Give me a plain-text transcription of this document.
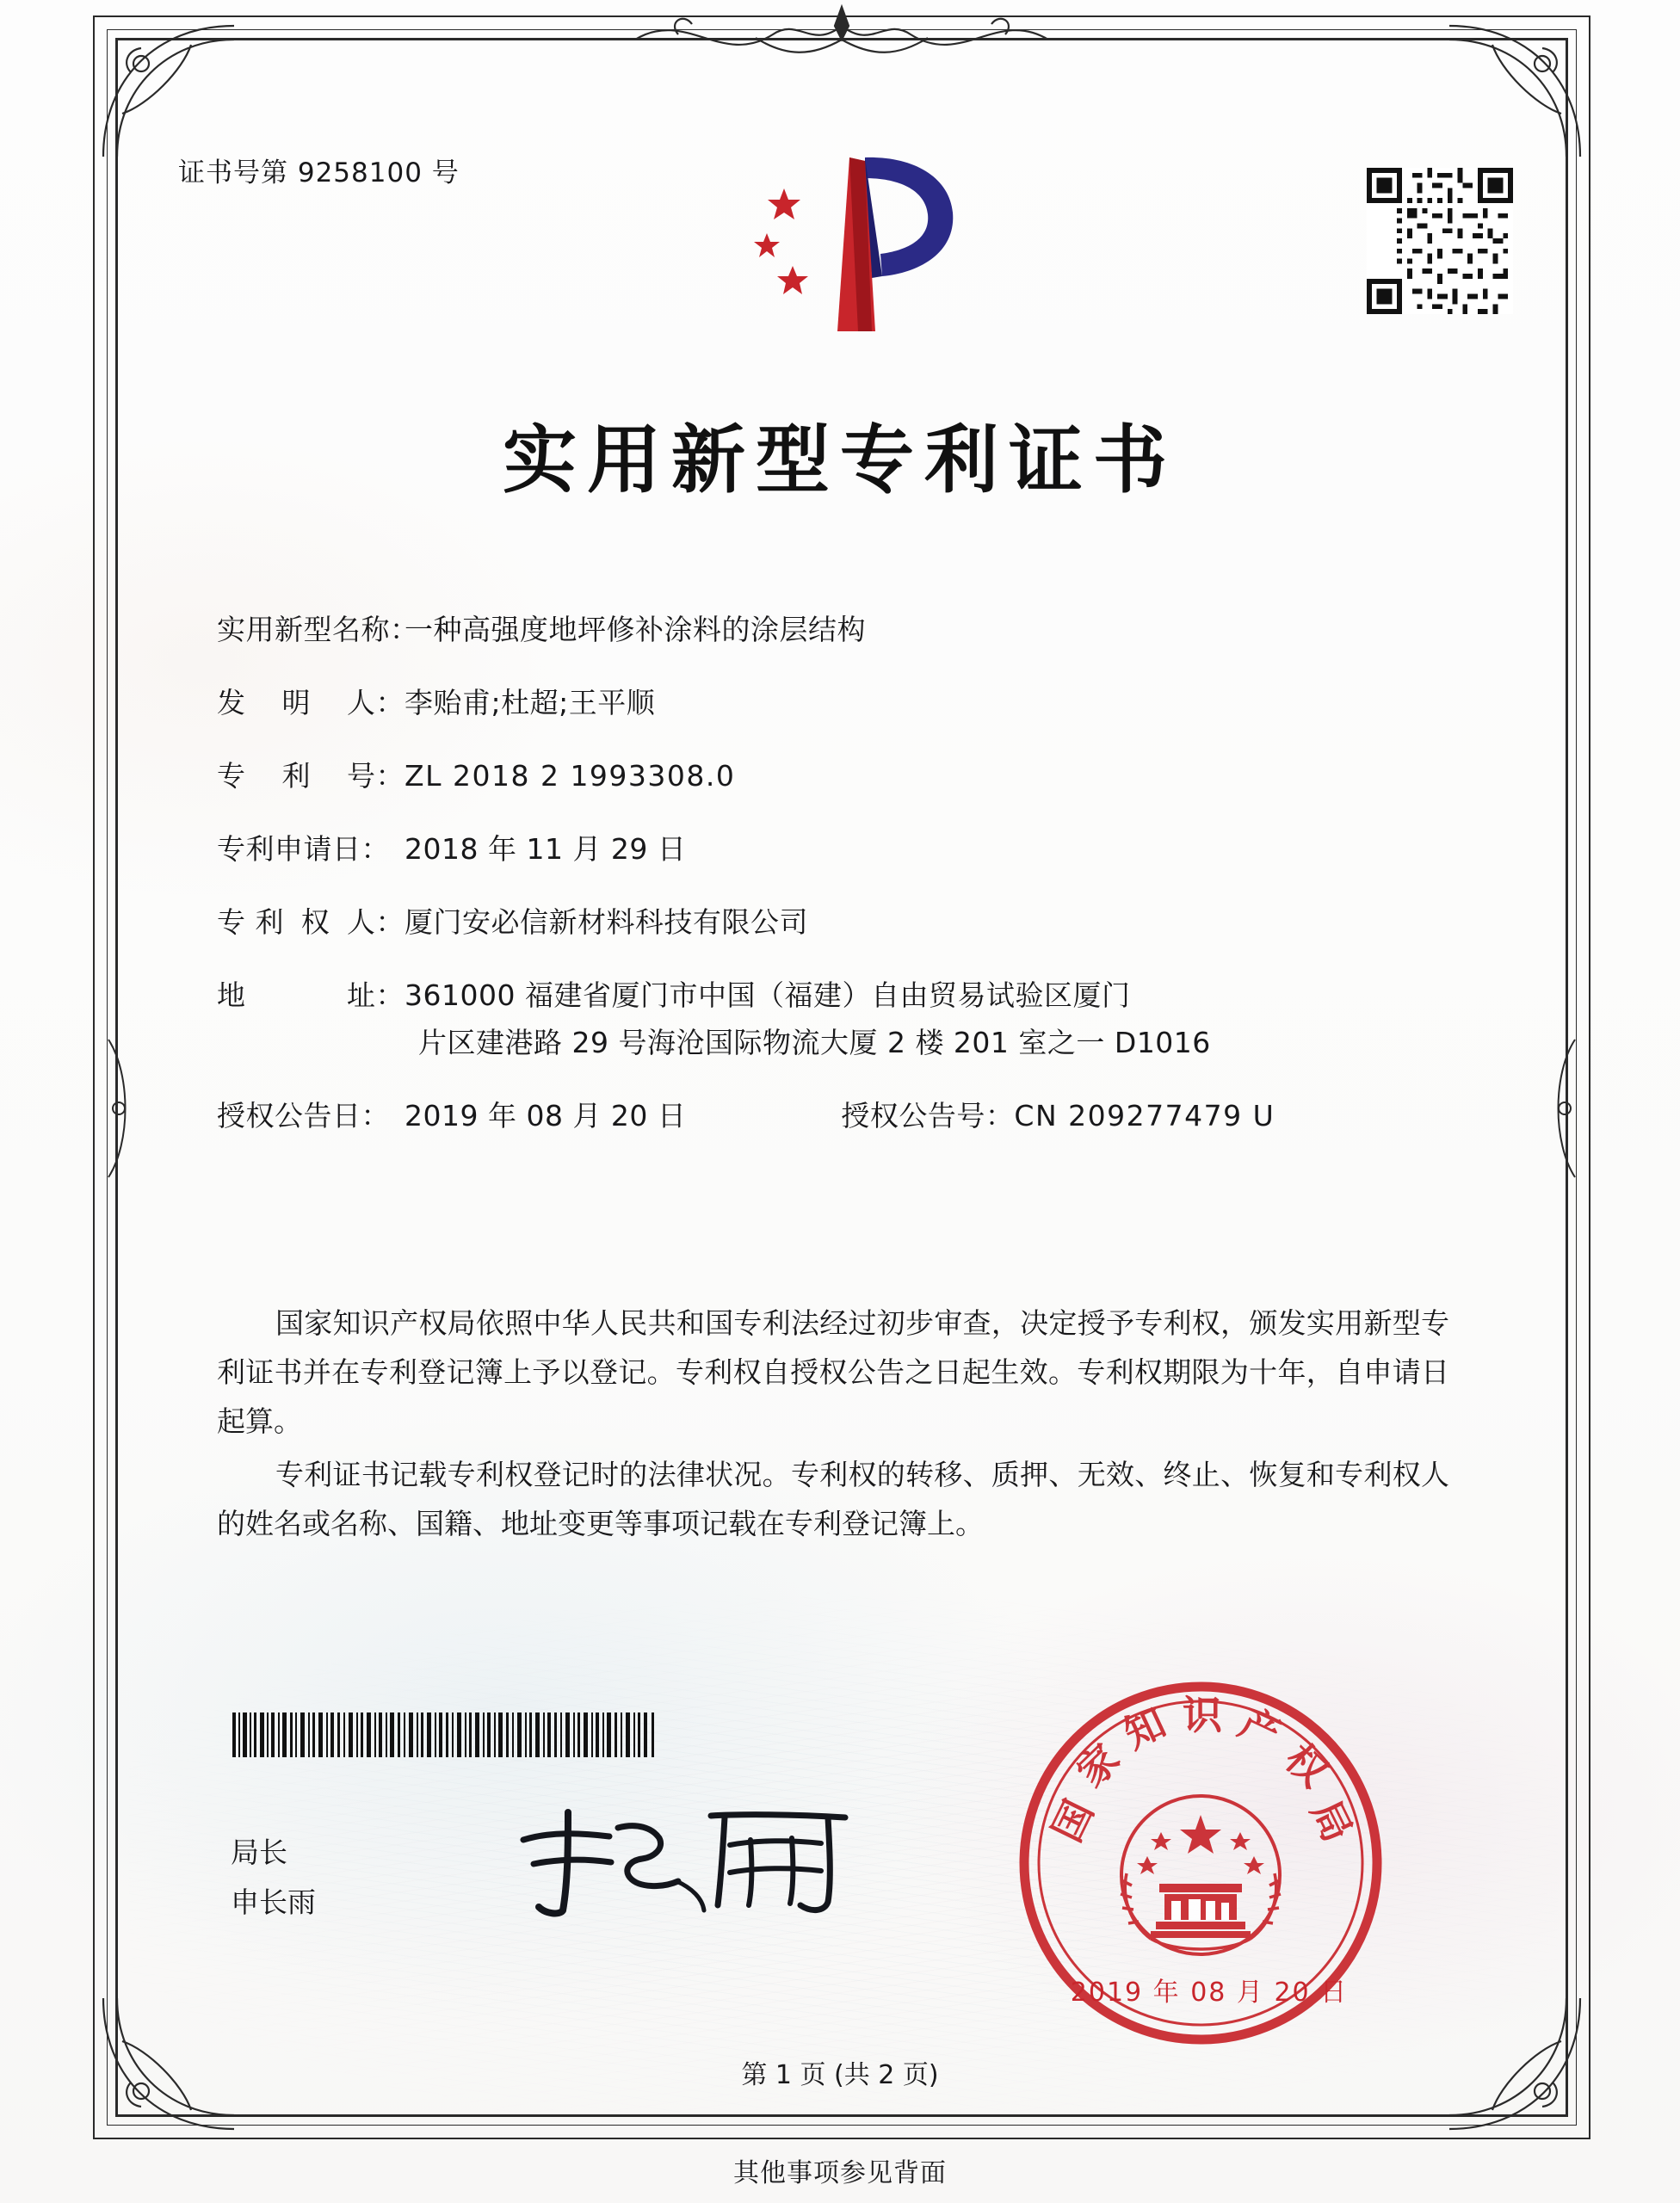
证书号第 9258100 号
实用新型专利证书
实用新型名称：
一种高强度地坪修补涂料的涂层结构
发 明 人： 李贻甫;杜超;王平顺
专 利 号： ZL 2018 2 1993308.0
专利申请日： 2018 年 11 月 29 日
专 利 权 人： 厦门安必信新材料科技有限公司
地	址： 361000 福建省厦门市中国（福建）自由贸易试验区厦门
片区建港路 29 号海沧国际物流大厦 2 楼 201 室之一 D1016
授权公告日： 2019 年 08 月 20 日	授权公告号： CN 209277479 U

国家知识产权局依照中华人民共和国专利法经过初步审查，决定授予专利权，颁发实用新型专利证书并在专利登记簿上予以登记。专利权自授权公告之日起生效。专利权期限为十年，自申请日起算。

专利证书记载专利权登记时的法律状况。专利权的转移、质押、无效、终止、恢复和专利权人的姓名或名称、国籍、地址变更等事项记载在专利登记簿上。

局长
申长雨
国
家
知 识 产
权
局
2019 年 08 月 20 日
第 1 页 (共 2 页)
其他事项参见背面
